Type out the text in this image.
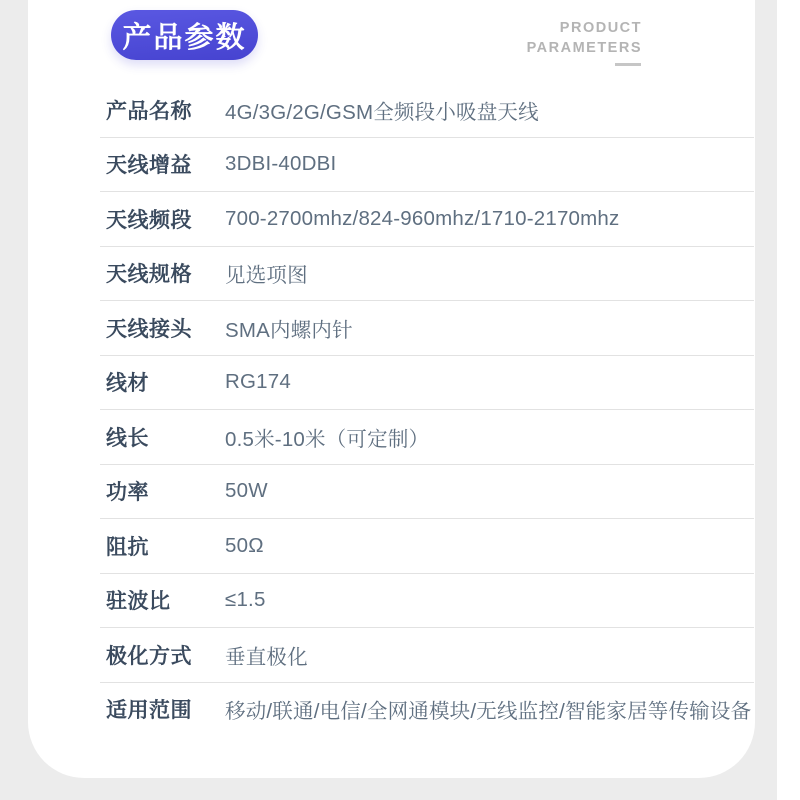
产品参数	PRODUCT
PARAMETERS
产品名称	4G/3G/2G/GSM全频段小吸盘天线
天线增益	3DBI-40DBI
天线频段	700-2700mhz/824-960mhz/1710-2170mhz
天线规格	见选项图
天线接头	SMA内螺内针
线材	RG174
线长	0.5米-10米（可定制）
功率	50W
阻抗	50Ω
驻波比	≤1.5
极化方式	垂直极化
适用范围	移动/联通/电信/全网通模块/无线监控/智能家居等传输设备
